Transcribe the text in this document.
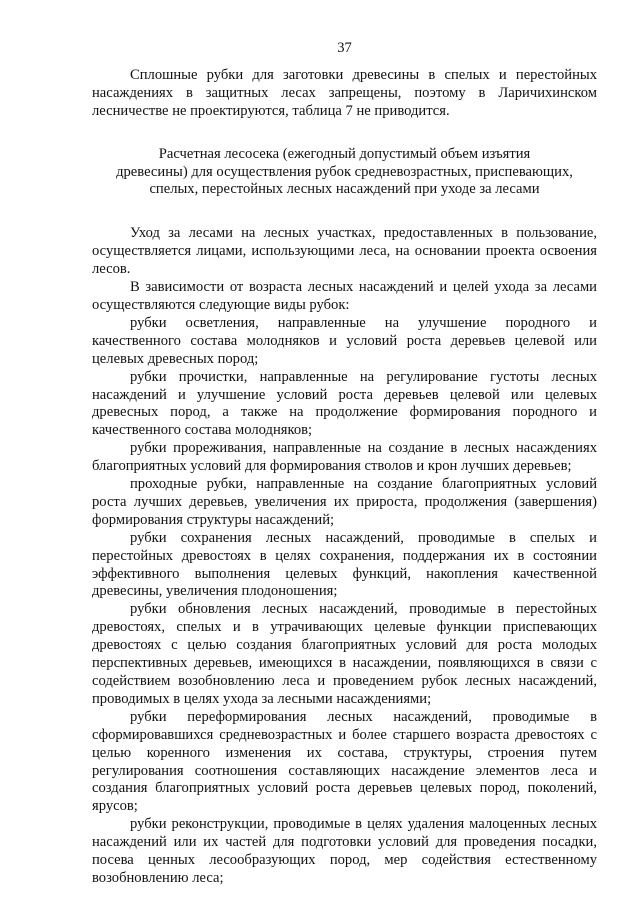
37

Сплошные рубки для заготовки древесины в спелых и перестойных насаждениях в защитных лесах запрещены, поэтому в Ларичихинском лесничестве не проектируются, таблица 7 не приводится.

Расчетная лесосека (ежегодный допустимый объем изъятия
древесины) для осуществления рубок средневозрастных, приспевающих,
спелых, перестойных лесных насаждений при уходе за лесами

Уход за лесами на лесных участках, предоставленных в пользование, осуществляется лицами, использующими леса, на основании проекта освоения лесов.

В зависимости от возраста лесных насаждений и целей ухода за лесами осуществляются следующие виды рубок:

рубки осветления, направленные на улучшение породного и качественного состава молодняков и условий роста деревьев целевой или целевых древесных пород;

рубки прочистки, направленные на регулирование густоты лесных насаждений и улучшение условий роста деревьев целевой или целевых древесных пород, а также на продолжение формирования породного и качественного состава молодняков;

рубки прореживания, направленные на создание в лесных насаждениях благоприятных условий для формирования стволов и крон лучших деревьев;

проходные рубки, направленные на создание благоприятных условий роста лучших деревьев, увеличения их прироста, продолжения (завершения) формирования структуры насаждений;

рубки сохранения лесных насаждений, проводимые в спелых и перестойных древостоях в целях сохранения, поддержания их в состоянии эффективного выполнения целевых функций, накопления качественной древесины, увеличения плодоношения;

рубки обновления лесных насаждений, проводимые в перестойных древостоях, спелых и в утрачивающих целевые функции приспевающих древостоях с целью создания благоприятных условий для роста молодых перспективных деревьев, имеющихся в насаждении, появляющихся в связи с содействием возобновлению леса и проведением рубок лесных насаждений, проводимых в целях ухода за лесными насаждениями;

рубки переформирования лесных насаждений, проводимые в сформировавшихся средневозрастных и более старшего возраста древостоях с целью коренного изменения их состава, структуры, строения путем регулирования соотношения составляющих насаждение элементов леса и создания благоприятных условий роста деревьев целевых пород, поколений, ярусов;

рубки реконструкции, проводимые в целях удаления малоценных лесных насаждений или их частей для подготовки условий для проведения посадки, посева ценных лесообразующих пород, мер содействия естественному возобновлению леса;
